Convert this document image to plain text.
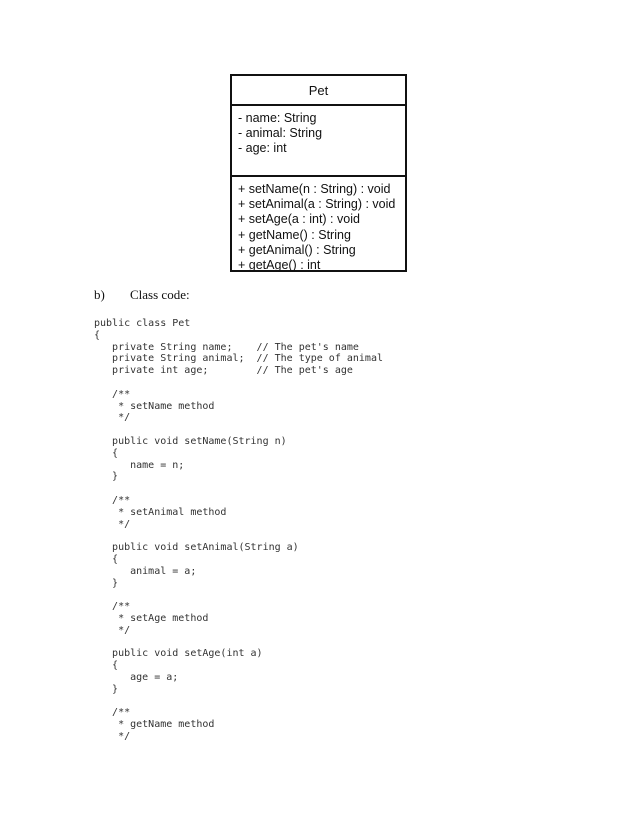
Pet
- name: String
- animal: String
- age: int
+ setName(n : String) : void
+ setAnimal(a : String) : void
+ setAge(a : int) : void
+ getName() : String
+ getAnimal() : String
+ getAge() : int
b) Class code:
public class Pet
{
private String name;    // The pet's name
private String animal;  // The type of animal
private int age;        // The pet's age
/**
* setName method
*/
public void setName(String n)
{
name = n;
}
/**
* setAnimal method
*/
public void setAnimal(String a)
{
animal = a;
}
/**
* setAge method
*/
public void setAge(int a)
{
age = a;
}
/**
* getName method
*/
